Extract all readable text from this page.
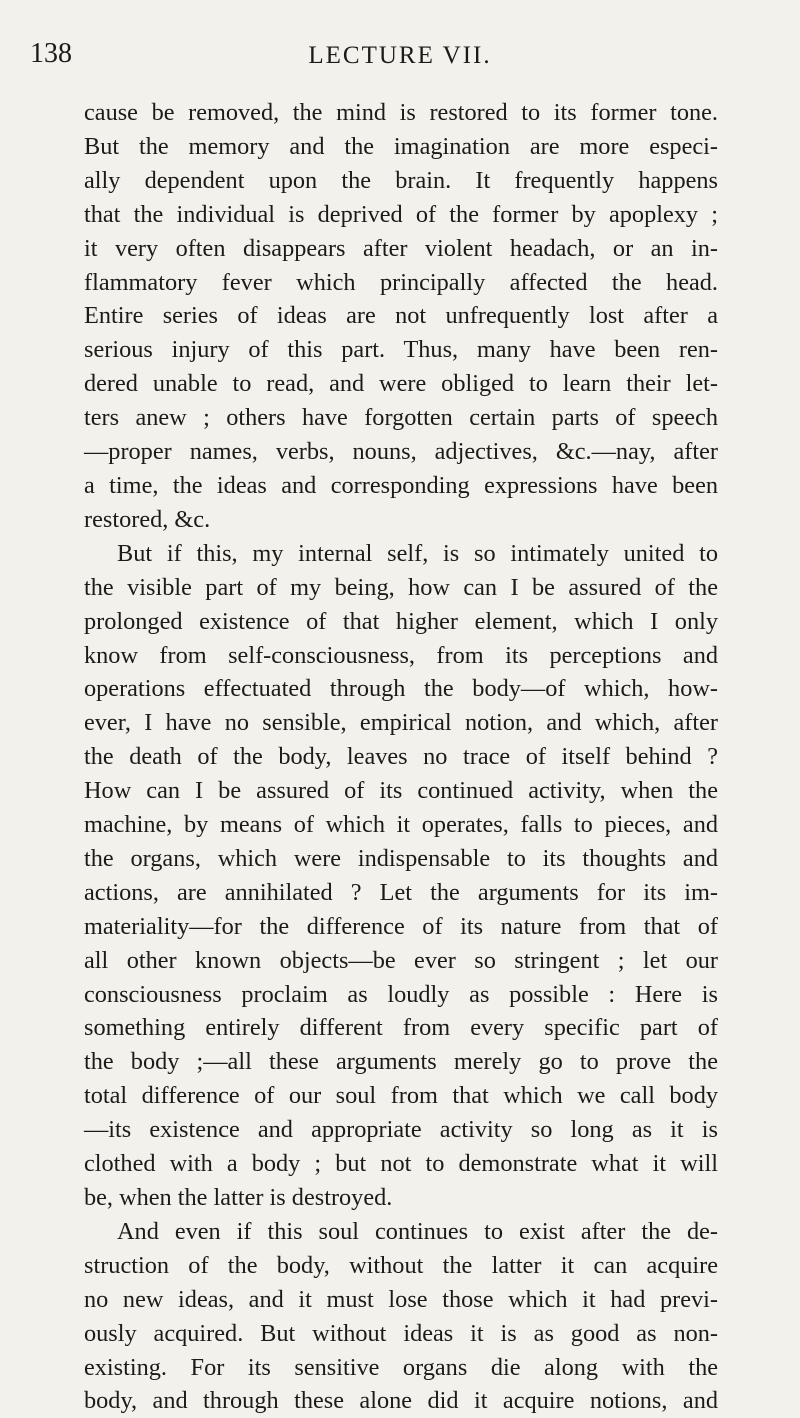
138	LECTURE VII.

cause be removed, the mind is restored to its former tone.
But the memory and the imagination are more especi-
ally dependent upon the brain. It frequently happens
that the individual is deprived of the former by apoplexy ;
it very often disappears after violent headach, or an in-
flammatory fever which principally affected the head.
Entire series of ideas are not unfrequently lost after a
serious injury of this part. Thus, many have been ren-
dered unable to read, and were obliged to learn their let-
ters anew ; others have forgotten certain parts of speech
—proper names, verbs, nouns, adjectives, &c.—nay, after
a time, the ideas and corresponding expressions have been
restored, &c.

But if this, my internal self, is so intimately united to
the visible part of my being, how can I be assured of the
prolonged existence of that higher element, which I only
know from self-consciousness, from its perceptions and
operations effectuated through the body—of which, how-
ever, I have no sensible, empirical notion, and which, after
the death of the body, leaves no trace of itself behind ?
How can I be assured of its continued activity, when the
machine, by means of which it operates, falls to pieces, and
the organs, which were indispensable to its thoughts and
actions, are annihilated ? Let the arguments for its im-
materiality—for the difference of its nature from that of
all other known objects—be ever so stringent ; let our
consciousness proclaim as loudly as possible : Here is
something entirely different from every specific part of
the body ;—all these arguments merely go to prove the
total difference of our soul from that which we call body
—its existence and appropriate activity so long as it is
clothed with a body ; but not to demonstrate what it will
be, when the latter is destroyed.

And even if this soul continues to exist after the de-
struction of the body, without the latter it can acquire
no new ideas, and it must lose those which it had previ-
ously acquired. But without ideas it is as good as non-
existing. For its sensitive organs die along with the
body, and through these alone did it acquire notions, and
